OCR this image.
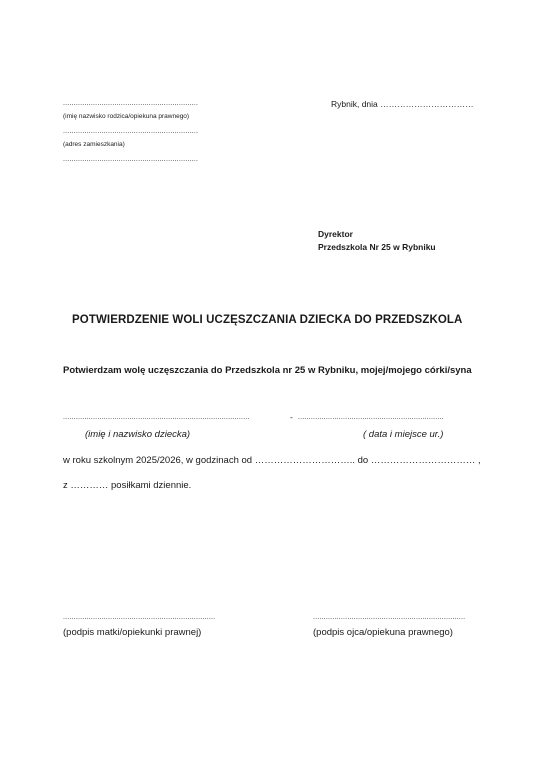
...............................................................
(imię nazwisko rodzica/opiekuna prawnego)
...............................................................
(adres zamieszkania)
...............................................................
Rybnik, dnia ……………………………
Dyrektor
Przedszkola Nr 25 w Rybniku
POTWIERDZENIE WOLI UCZĘSZCZANIA DZIECKA DO PRZEDSZKOLA
Potwierdzam wolę uczęszczania do Przedszkola nr 25 w Rybniku, mojej/mojego córki/syna
.......................................................................................	- ....................................................................
(imię i nazwisko dziecka)	( data i miejsce ur.)
w roku szkolnym 2025/2026, w godzinach od ………………………….. do …………………………… ,
z ………… posiłkami dziennie.
.......................................................................
(podpis matki/opiekunki prawnej)
.......................................................................
(podpis ojca/opiekuna prawnego)
